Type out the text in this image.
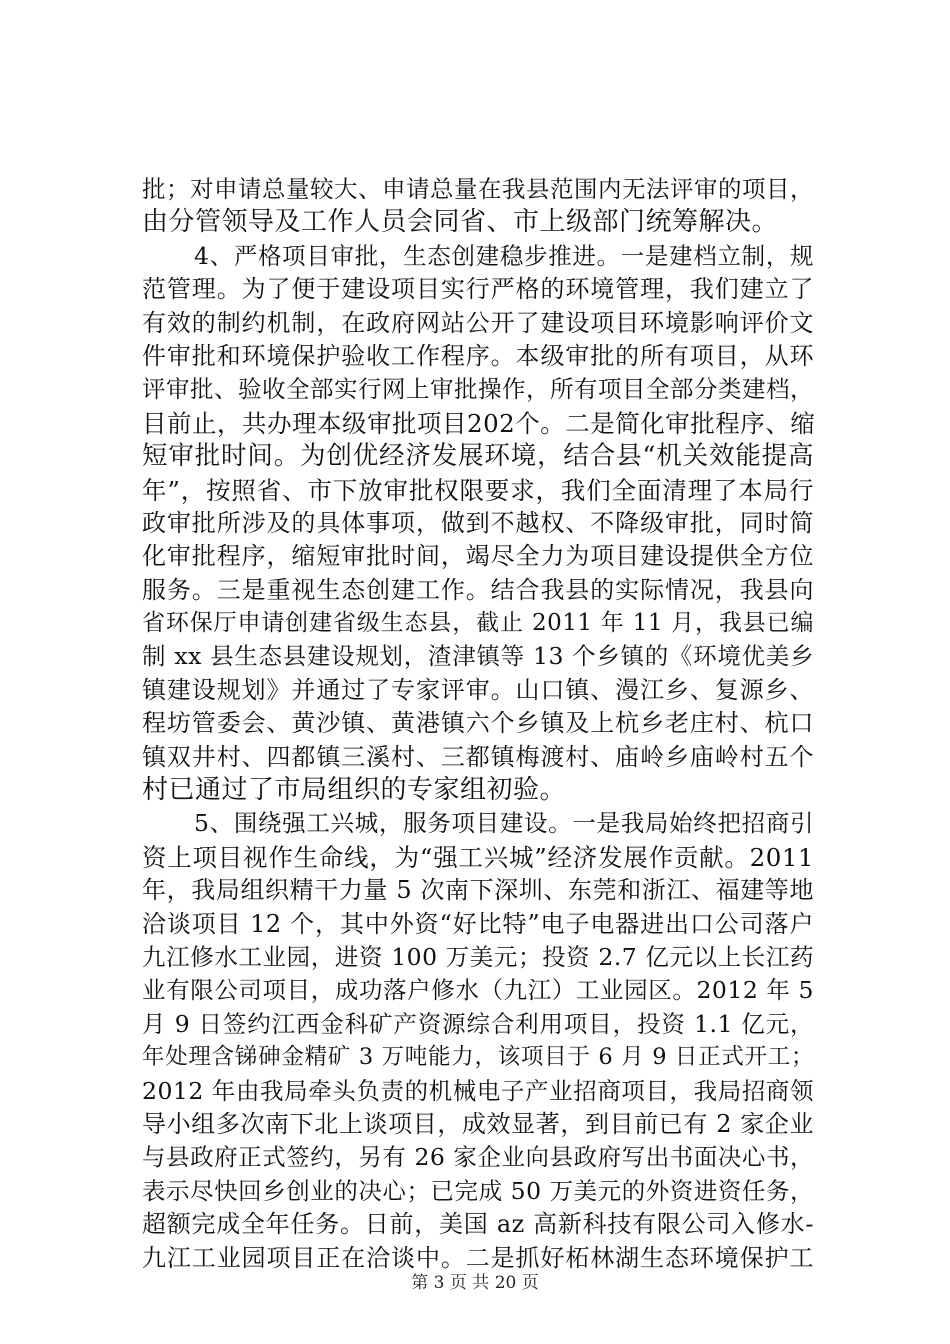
批；对申请总量较大、申请总量在我县范围内无法评审的项目，
由分管领导及工作人员会同省、市上级部门统筹解决。
4、严格项目审批，生态创建稳步推进。一是建档立制，规
范管理。为了便于建设项目实行严格的环境管理，我们建立了
有效的制约机制，在政府网站公开了建设项目环境影响评价文
件审批和环境保护验收工作程序。本级审批的所有项目，从环
评审批、验收全部实行网上审批操作，所有项目全部分类建档，
目前止，共办理本级审批项目202个。二是简化审批程序、缩
短审批时间。为创优经济发展环境，结合县“机关效能提高
年”，按照省、市下放审批权限要求，我们全面清理了本局行
政审批所涉及的具体事项，做到不越权、不降级审批，同时简
化审批程序，缩短审批时间，竭尽全力为项目建设提供全方位
服务。三是重视生态创建工作。结合我县的实际情况，我县向
省环保厅申请创建省级生态县，截止 2011 年 11 月，我县已编
制 xx 县生态县建设规划，渣津镇等 13 个乡镇的《环境优美乡
镇建设规划》并通过了专家评审。山口镇、漫江乡、复源乡、
程坊管委会、黄沙镇、黄港镇六个乡镇及上杭乡老庄村、杭口
镇双井村、四都镇三溪村、三都镇梅渡村、庙岭乡庙岭村五个
村已通过了市局组织的专家组初验。
5、围绕强工兴城，服务项目建设。一是我局始终把招商引
资上项目视作生命线，为“强工兴城”经济发展作贡献。2011
年，我局组织精干力量 5 次南下深圳、东莞和浙江、福建等地
洽谈项目 12 个，其中外资“好比特”电子电器进出口公司落户
九江修水工业园，进资 100 万美元；投资 2.7 亿元以上长江药
业有限公司项目，成功落户修水（九江）工业园区。2012 年 5
月 9 日签约江西金科矿产资源综合利用项目，投资 1.1 亿元，
年处理含锑砷金精矿 3 万吨能力，该项目于 6 月 9 日正式开工；
2012 年由我局牵头负责的机械电子产业招商项目，我局招商领
导小组多次南下北上谈项目，成效显著，到目前已有 2 家企业
与县政府正式签约，另有 26 家企业向县政府写出书面决心书，
表示尽快回乡创业的决心；已完成 50 万美元的外资进资任务，
超额完成全年任务。日前，美国 az 高新科技有限公司入修水-
九江工业园项目正在洽谈中。二是抓好柘林湖生态环境保护工
第 3 页 共 20 页
